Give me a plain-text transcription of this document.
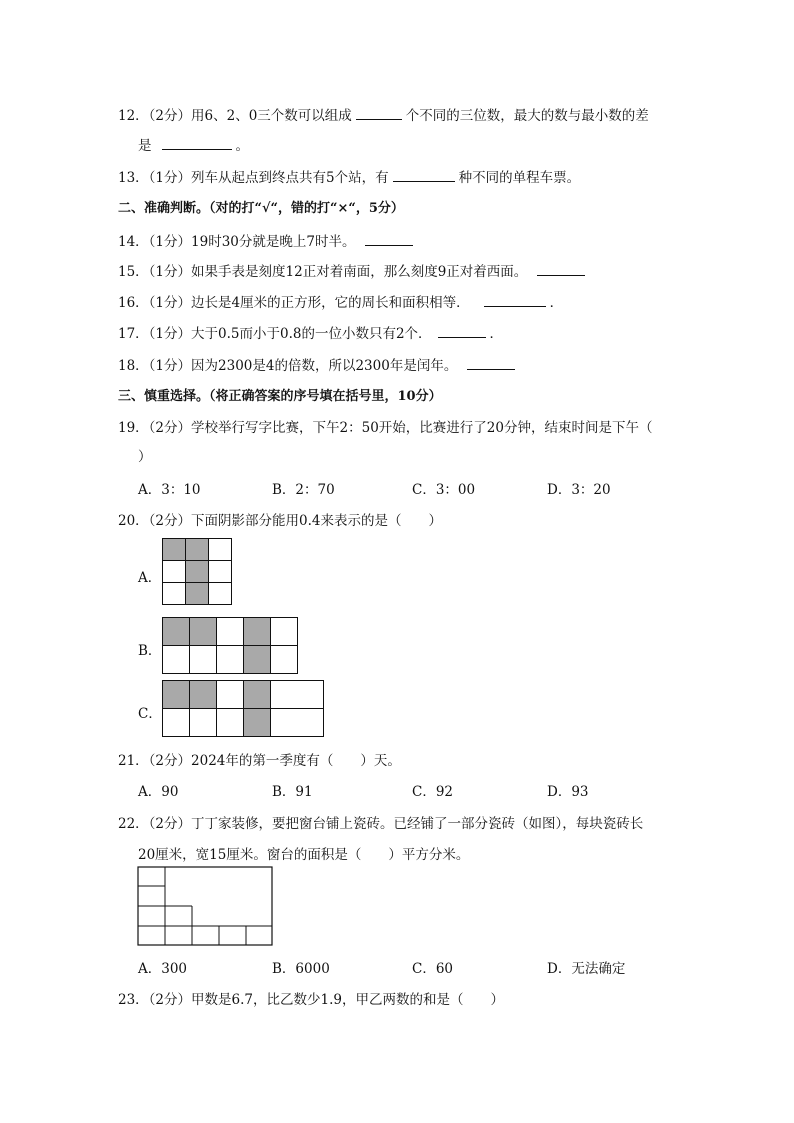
12．（2分）用6、2、0三个数可以组成	个不同的三位数，最大的数与最小数的差
是	。
13．（1分）列车从起点到终点共有5个站，有	种不同的单程车票。
二、准确判断。（对的打“√“，错的打“×“，5分）
14．（1分）19时30分就是晚上7时半。
15．（1分）如果手表是刻度12正对着南面，那么刻度9正对着西面。
16．（1分）边长是4厘米的正方形，它的周长和面积相等．	．
17．（1分）大于0.5而小于0.8的一位小数只有2个．	．
18．（1分）因为2300是4的倍数，所以2300年是闰年。
三、慎重选择。（将正确答案的序号填在括号里，10分）
19．（2分）学校举行写字比赛，下午2：50开始，比赛进行了20分钟，结束时间是下午（
）
A．3：10	B．2：70	C．3：00	D．3：20
20．（2分）下面阴影部分能用0.4来表示的是（　　）
A．

B．

C．

21．（2分）2024年的第一季度有（　　）天。
A．90	B．91	C．92	D．93
22．（2分）丁丁家装修，要把窗台铺上瓷砖。已经铺了一部分瓷砖（如图），每块瓷砖长
20厘米，宽15厘米。窗台的面积是（　　）平方分米。
A．300	B．6000	C．60	D．无法确定
23．（2分）甲数是6.7，比乙数少1.9，甲乙两数的和是（　　）
